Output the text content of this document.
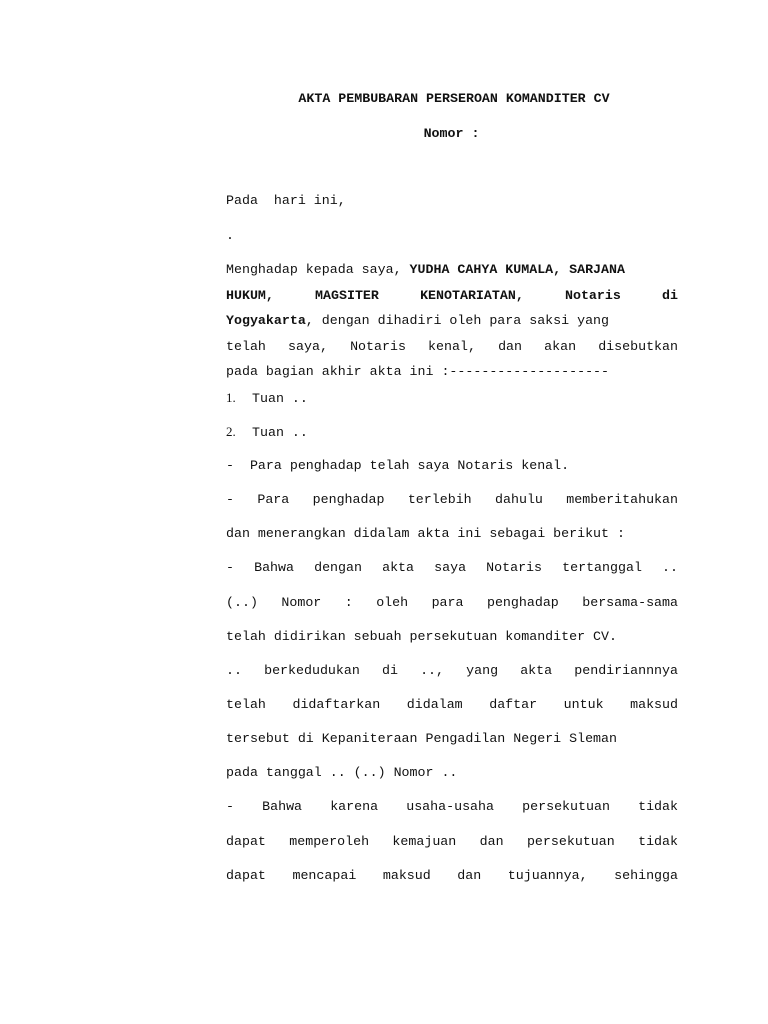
AKTA PEMBUBARAN PERSEROAN KOMANDITER CV
Nomor :
Pada  hari ini,
.
Menghadap kepada saya, YUDHA CAHYA KUMALA, SARJANA
HUKUM, MAGSITER KENOTARIATAN, Notaris di
Yogyakarta, dengan dihadiri oleh para saksi yang
telah saya, Notaris kenal, dan akan disebutkan
pada bagian akhir akta ini :--------------------
1. Tuan ..
2. Tuan ..
-  Para penghadap telah saya Notaris kenal.
- Para penghadap terlebih dahulu memberitahukan
dan menerangkan didalam akta ini sebagai berikut :
- Bahwa dengan akta saya Notaris tertanggal ..
(..) Nomor : oleh para penghadap bersama-sama
telah didirikan sebuah persekutuan komanditer CV.
.. berkedudukan di .., yang akta pendiriannnya
telah didaftarkan didalam daftar untuk maksud
tersebut di Kepaniteraan Pengadilan Negeri Sleman
pada tanggal .. (..) Nomor ..
- Bahwa karena usaha-usaha persekutuan tidak
dapat memperoleh kemajuan dan persekutuan tidak
dapat mencapai maksud dan tujuannya, sehingga
